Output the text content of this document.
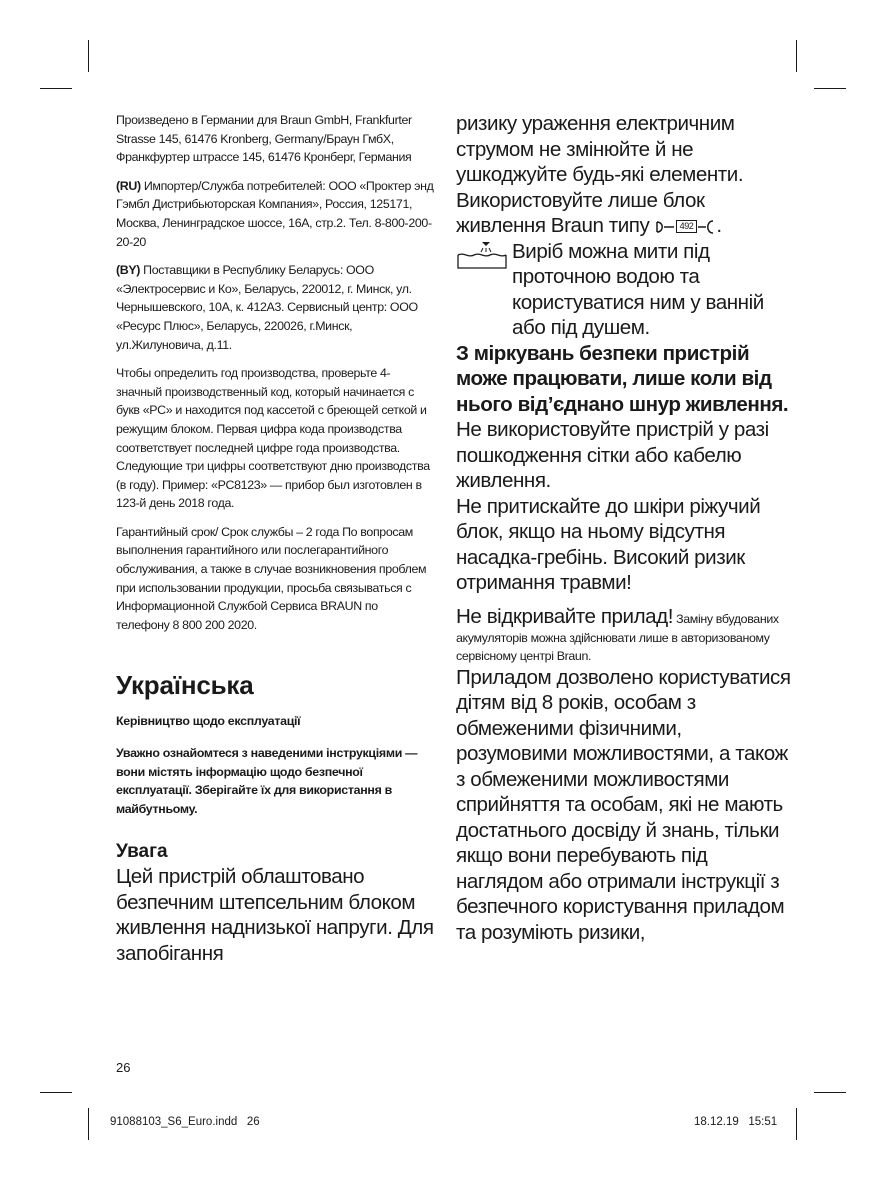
Произведено в Германии для Braun GmbH, Frankfurter Strasse 145, 61476 Kronberg, Germany/Браун ГмбХ, Франкфуртер штрассе 145, 61476 Кронберг, Германия

(RU) Импортер/Служба потребителей: ООО «Проктер энд Гэмбл Дистрибьюторская Компания», Россия, 125171, Москва, Ленинградское шоссе, 16А, стр.2. Тел. 8-800-200-20-20

(BY) Поставщики в Республику Беларусь: ООО «Электросервис и Ко», Беларусь, 220012, г. Минск, ул. Чернышевского, 10А, к. 412А3. Сервисный центр: ООО «Ресурс Плюс», Беларусь, 220026, г.Минск, ул.Жилуновича, д.11.

Чтобы определить год производства, проверьте 4-значный производственный код, который начинается с букв «PC» и находится под кассетой с бреющей сеткой и режущим блоком. Первая цифра кода производства соответствует последней цифре года производства. Следующие три цифры соответствуют дню производства (в году). Пример: «PC8123» — прибор был изготовлен в 123-й день 2018 года.

Гарантийный срок/ Срок службы – 2 года По вопросам выполнения гарантийного или послегарантийного обслуживания, а также в случае возникновения проблем при использовании продукции, просьба связываться с Информационной Службой Сервиса BRAUN по телефону 8 800 200 2020.

Українська

Керівництво щодо експлуатації

Уважно ознайомтеся з наведеними інструкціями — вони містять інформацію щодо безпечної експлуатації. Зберігайте їх для використання в майбутньому.

Увага

Цей пристрій облаштовано безпечним штепсельним блоком живлення наднизької напруги. Для запобігання

ризику ураження електричним струмом не змінюйте й не ушкоджуйте будь-які елементи. Використовуйте лише блок живлення Braun типу	492 .

Виріб можна мити під проточною водою та користуватися ним у ванній або під душем.

З міркувань безпеки пристрій може працювати, лише коли від нього від’єднано шнур живлення.

Не використовуйте пристрій у разі пошкодження сітки або кабелю живлення.

Не притискайте до шкіри ріжучий блок, якщо на ньому відсутня насадка-гребінь. Високий ризик отримання травми!

Не відкривайте прилад! Заміну вбудованих акумуляторів можна здійснювати лише в авторизованому сервісному центрі Braun.

Приладом дозволено користуватися дітям від 8 років, особам з обмеженими фізичними, розумовими можливостями, а також з обмеженими можливостями сприйняття та особам, які не мають достатнього досвіду й знань, тільки якщо вони перебувають під наглядом або отримали інструкції з безпечного користування приладом та розуміють ризики,

26
91088103_S6_Euro.indd   26	18.12.19   15:51
